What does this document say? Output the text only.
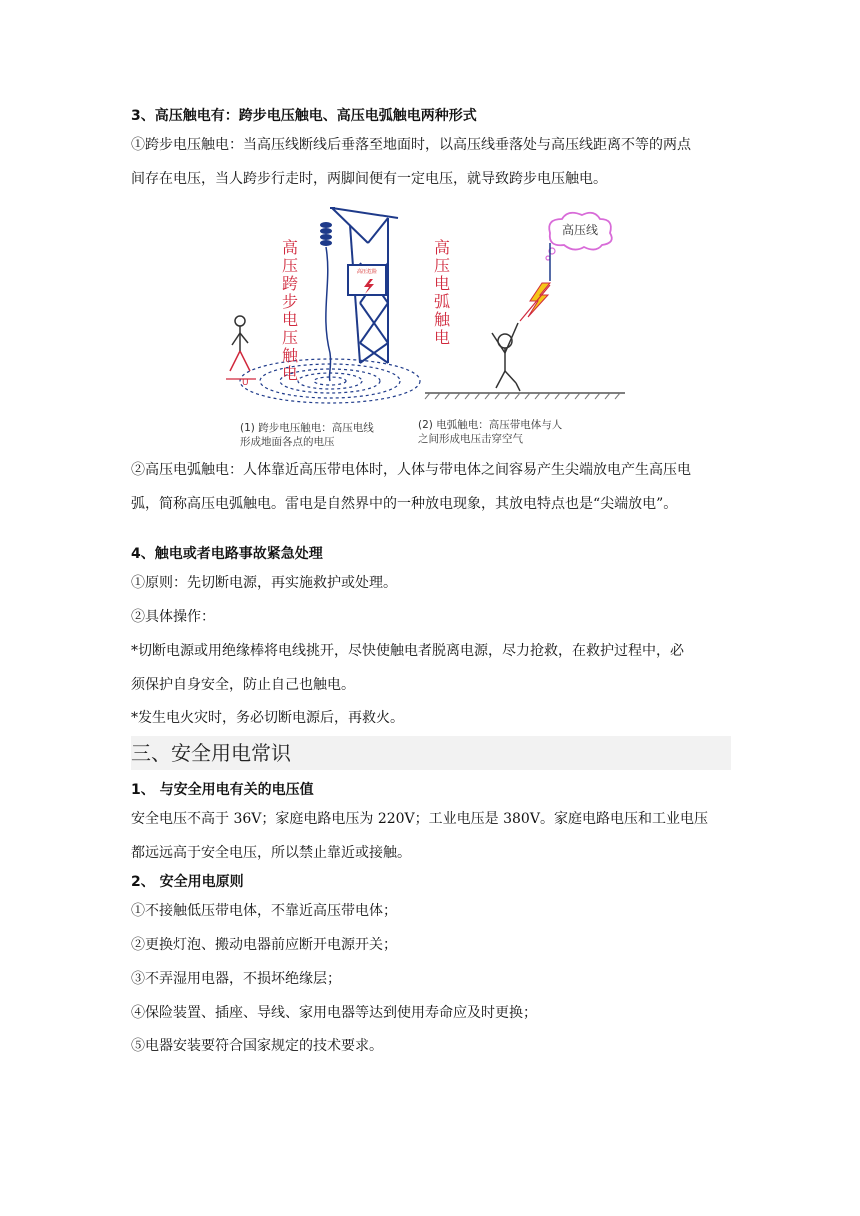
3、高压触电有：跨步电压触电、高压电弧触电两种形式
①跨步电压触电：当高压线断线后垂落至地面时，以高压线垂落处与高压线距离不等的两点
间存在电压，当人跨步行走时，两脚间便有一定电压，就导致跨步电压触电。
高压危险
高
压
跨
步
电
压
触
电
U
高
压
电
弧
触
电
高压线
(1) 跨步电压触电：高压电线
形成地面各点的电压
(2) 电弧触电：高压带电体与人
之间形成电压击穿空气
②高压电弧触电：人体靠近高压带电体时，人体与带电体之间容易产生尖端放电产生高压电
弧，简称高压电弧触电。雷电是自然界中的一种放电现象，其放电特点也是“尖端放电”。
4、触电或者电路事故紧急处理
①原则：先切断电源，再实施救护或处理。
②具体操作：
*切断电源或用绝缘棒将电线挑开，尽快使触电者脱离电源，尽力抢救，在救护过程中，必
须保护自身安全，防止自己也触电。
*发生电火灾时，务必切断电源后，再救火。
三、安全用电常识
1、 与安全用电有关的电压值
安全电压不高于 36V；家庭电路电压为 220V；工业电压是 380V。家庭电路电压和工业电压
都远远高于安全电压，所以禁止靠近或接触。
2、 安全用电原则
①不接触低压带电体，不靠近高压带电体；
②更换灯泡、搬动电器前应断开电源开关；
③不弄湿用电器，不损坏绝缘层；
④保险装置、插座、导线、家用电器等达到使用寿命应及时更换；
⑤电器安装要符合国家规定的技术要求。
